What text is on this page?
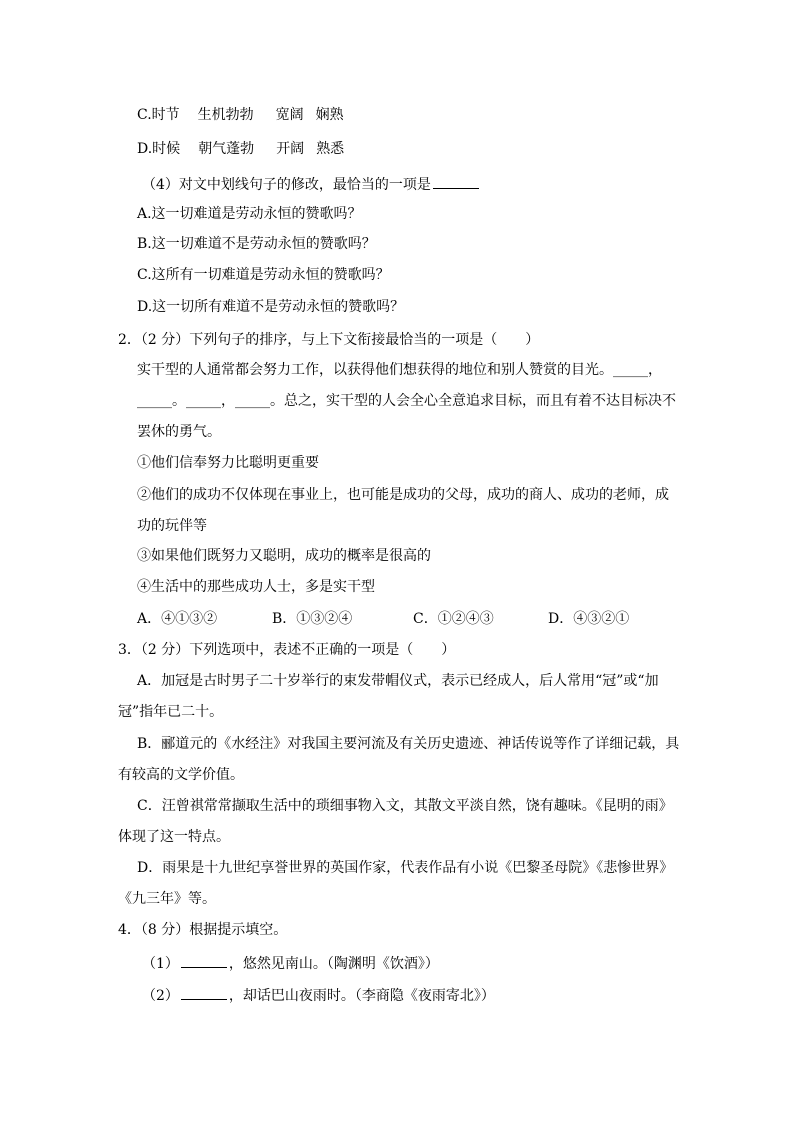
C.时节 生机勃勃 宽阔 娴熟
D.时候 朝气蓬勃 开阔 熟悉
（4）对文中划线句子的修改，最恰当的一项是
A.这一切难道是劳动永恒的赞歌吗？
B.这一切难道不是劳动永恒的赞歌吗？
C.这所有一切难道是劳动永恒的赞歌吗？
D.这一切所有难道不是劳动永恒的赞歌吗？
2．（2 分）下列句子的排序，与上下文衔接最恰当的一项是（　　）
实干型的人通常都会努力工作，以获得他们想获得的地位和别人赞赏的目光。_____，
_____。_____，_____。总之，实干型的人会全心全意追求目标，而且有着不达目标决不
罢休的勇气。
①他们信奉努力比聪明更重要
②他们的成功不仅体现在事业上，也可能是成功的父母，成功的商人、成功的老师，成
功的玩伴等
③如果他们既努力又聪明，成功的概率是很高的
④生活中的那些成功人士，多是实干型
A．④①③②	B．①③②④	C．①②④③	D．④③②①
3．（2 分）下列选项中，表述不正确的一项是（　　）
A．加冠是古时男子二十岁举行的束发带帽仪式，表示已经成人，后人常用“冠”或“加
冠”指年已二十。
B．郦道元的《水经注》对我国主要河流及有关历史遗迹、神话传说等作了详细记载，具
有较高的文学价值。
C．汪曾祺常常撷取生活中的琐细事物入文，其散文平淡自然，饶有趣味。《昆明的雨》
体现了这一特点。
D．雨果是十九世纪享誉世界的英国作家，代表作品有小说《巴黎圣母院》《悲惨世界》
《九三年》等。
4．（8 分）根据提示填空。
（1）	，悠然见南山。（陶渊明《饮酒》）
（2）	，却话巴山夜雨时。（李商隐《夜雨寄北》）
